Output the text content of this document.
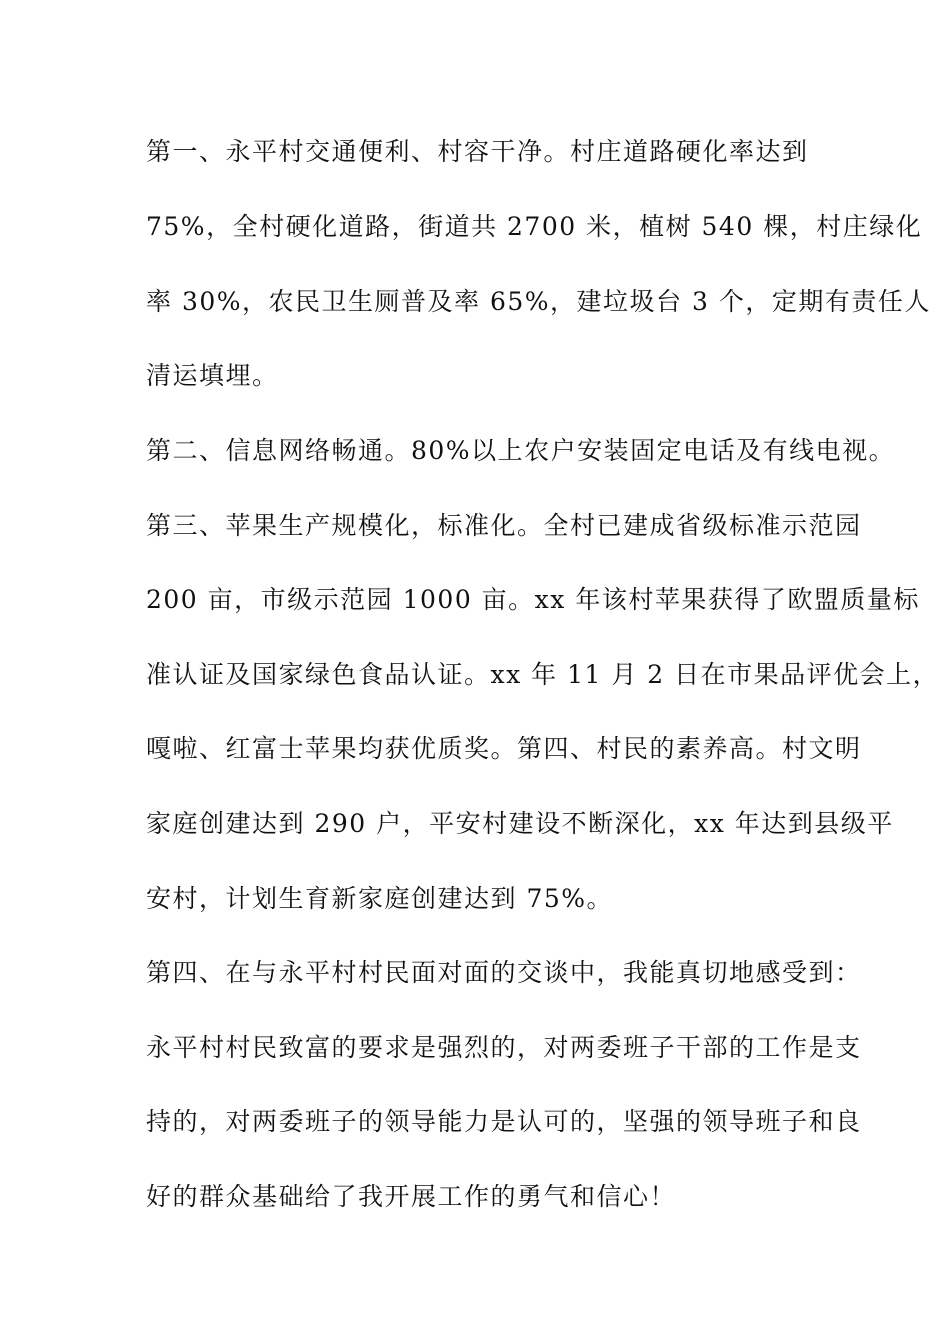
第一、永平村交通便利、村容干净。村庄道路硬化率达到
75%，全村硬化道路，街道共 2700 米，植树 540 棵，村庄绿化
率 30%，农民卫生厕普及率 65%，建垃圾台 3 个，定期有责任人
清运填埋。
第二、信息网络畅通。80%以上农户安装固定电话及有线电视。
第三、苹果生产规模化，标准化。全村已建成省级标准示范园
200 亩，市级示范园 1000 亩。xx 年该村苹果获得了欧盟质量标
准认证及国家绿色食品认证。xx 年 11 月 2 日在市果品评优会上，
嘎啦、红富士苹果均获优质奖。第四、村民的素养高。村文明
家庭创建达到 290 户，平安村建设不断深化，xx 年达到县级平
安村，计划生育新家庭创建达到 75%。
第四、在与永平村村民面对面的交谈中，我能真切地感受到：
永平村村民致富的要求是强烈的，对两委班子干部的工作是支
持的，对两委班子的领导能力是认可的，坚强的领导班子和良
好的群众基础给了我开展工作的勇气和信心！
